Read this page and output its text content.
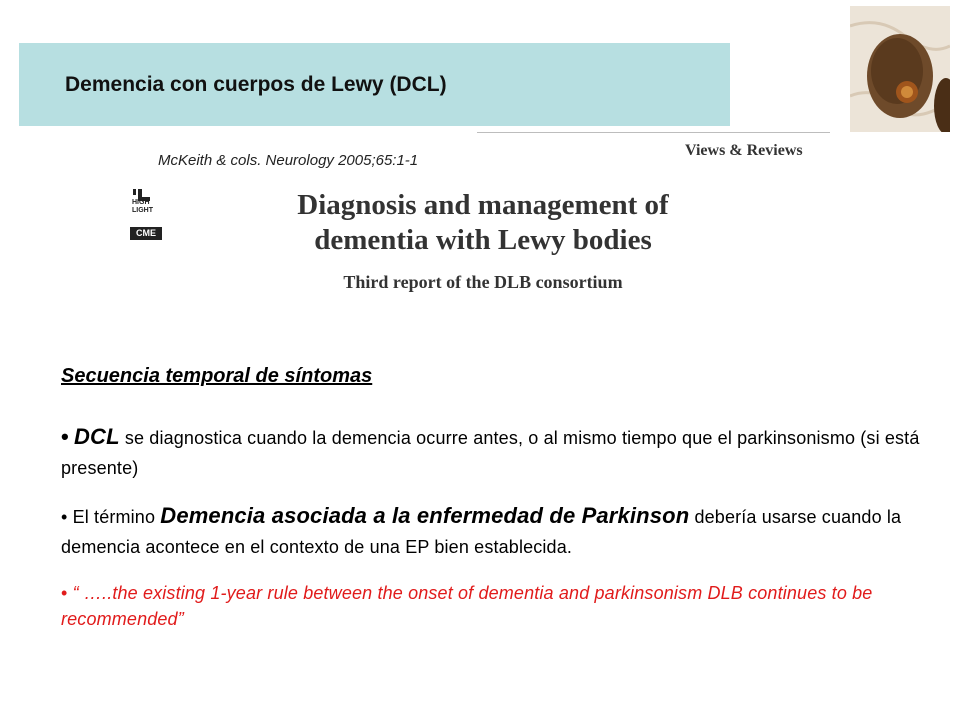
Demencia con cuerpos de Lewy (DCL)
Views & Reviews
McKeith & cols. Neurology 2005;65:1-1
HIGH LIGHT
CME
Diagnosis and management of
dementia with Lewy bodies
Third report of the DLB consortium
Secuencia temporal de síntomas

• DCL se diagnostica cuando la demencia ocurre antes, o al mismo tiempo que el parkinsonismo (si está presente)

• El término Demencia asociada a la enfermedad de Parkinson debería usarse cuando la demencia acontece en el contexto de una EP bien establecida.

• “ …..the existing 1-year rule between the onset of dementia and parkinsonism DLB continues to be recommended”
